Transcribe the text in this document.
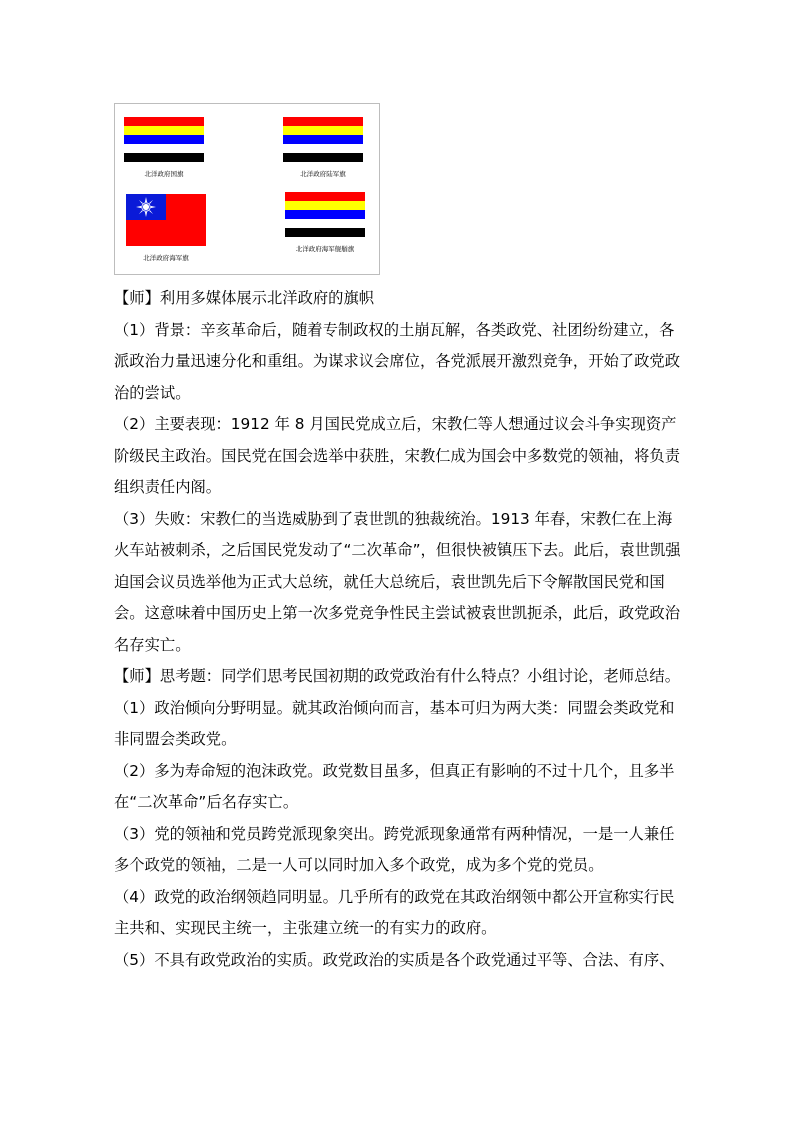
北洋政府国旗	北洋政府陆军旗
北洋政府海军旗
北洋政府海军舰艏旗

【师】利用多媒体展示北洋政府的旗帜

（1）背景：辛亥革命后，随着专制政权的土崩瓦解，各类政党、社团纷纷建立，各派政治力量迅速分化和重组。为谋求议会席位，各党派展开激烈竞争，开始了政党政治的尝试。

（2）主要表现：1912 年 8 月国民党成立后，宋教仁等人想通过议会斗争实现资产阶级民主政治。国民党在国会选举中获胜，宋教仁成为国会中多数党的领袖，将负责组织责任内阁。

（3）失败：宋教仁的当选威胁到了袁世凯的独裁统治。1913 年春，宋教仁在上海火车站被刺杀，之后国民党发动了“二次革命”，但很快被镇压下去。此后，袁世凯强迫国会议员选举他为正式大总统，就任大总统后，袁世凯先后下令解散国民党和国会。这意味着中国历史上第一次多党竞争性民主尝试被袁世凯扼杀，此后，政党政治名存实亡。

【师】思考题：同学们思考民国初期的政党政治有什么特点？小组讨论，老师总结。

（1）政治倾向分野明显。就其政治倾向而言，基本可归为两大类：同盟会类政党和非同盟会类政党。

（2）多为寿命短的泡沫政党。政党数目虽多，但真正有影响的不过十几个，且多半在“二次革命”后名存实亡。

（3）党的领袖和党员跨党派现象突出。跨党派现象通常有两种情况，一是一人兼任多个政党的领袖，二是一人可以同时加入多个政党，成为多个党的党员。

（4）政党的政治纲领趋同明显。几乎所有的政党在其政治纲领中都公开宣称实行民主共和、实现民主统一，主张建立统一的有实力的政府。

（5）不具有政党政治的实质。政党政治的实质是各个政党通过平等、合法、有序、
